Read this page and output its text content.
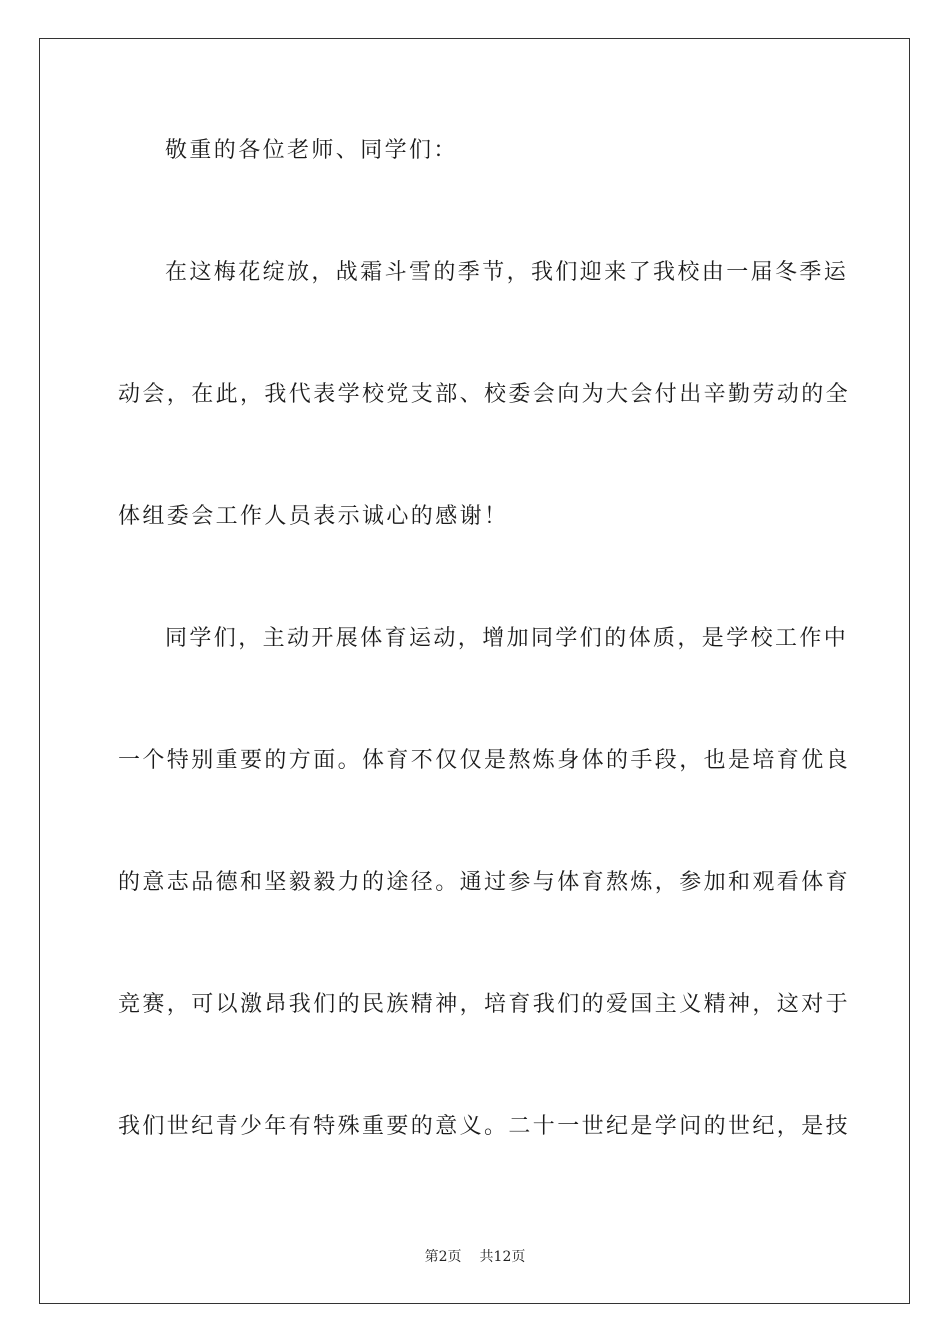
敬重的各位老师、同学们：
在这梅花绽放，战霜斗雪的季节，我们迎来了我校由一届冬季运
动会，在此，我代表学校党支部、校委会向为大会付出辛勤劳动的全
体组委会工作人员表示诚心的感谢！
同学们，主动开展体育运动，增加同学们的体质，是学校工作中
一个特别重要的方面。体育不仅仅是熬炼身体的手段，也是培育优良
的意志品德和坚毅毅力的途径。通过参与体育熬炼，参加和观看体育
竞赛，可以激昂我们的民族精神，培育我们的爱国主义精神，这对于
我们世纪青少年有特殊重要的意义。二十一世纪是学问的世纪，是技
第2页 共12页
